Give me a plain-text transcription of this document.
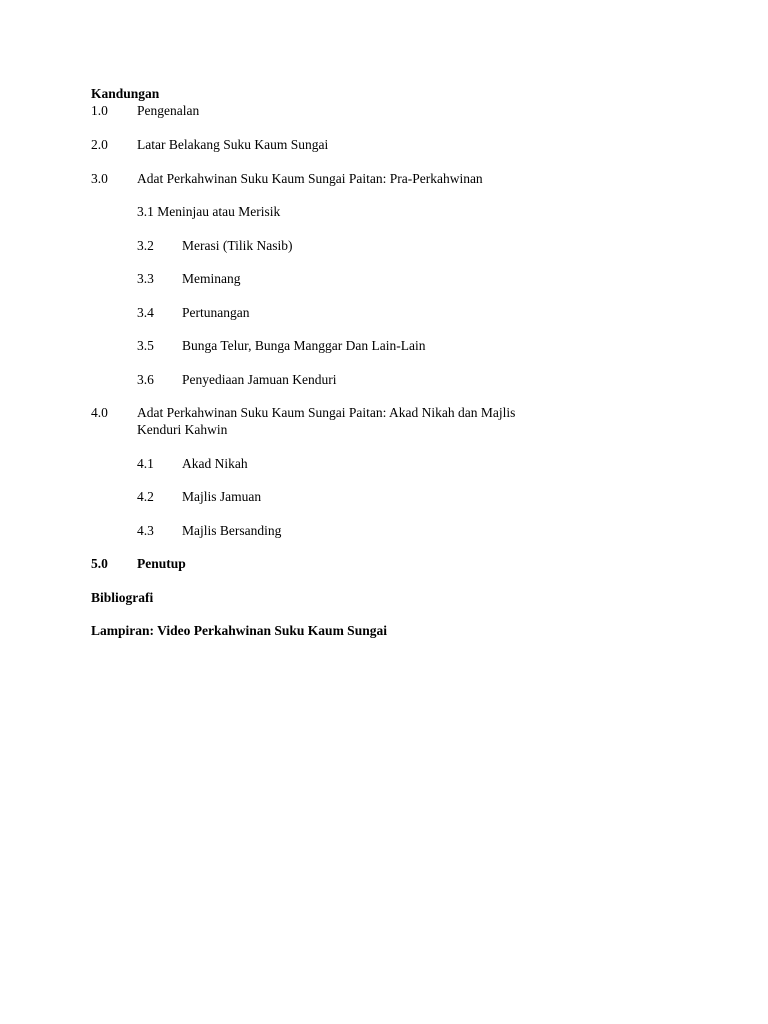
Kandungan
1.0 Pengenalan
2.0 Latar Belakang Suku Kaum Sungai
3.0 Adat Perkahwinan Suku Kaum Sungai Paitan: Pra-Perkahwinan
3.1 Meninjau atau Merisik
3.2 Merasi (Tilik Nasib)
3.3 Meminang
3.4 Pertunangan
3.5 Bunga Telur, Bunga Manggar Dan Lain-Lain
3.6 Penyediaan Jamuan Kenduri
4.0 Adat Perkahwinan Suku Kaum Sungai Paitan: Akad Nikah dan Majlis
Kenduri Kahwin
4.1 Akad Nikah
4.2 Majlis Jamuan
4.3 Majlis Bersanding
5.0 Penutup
Bibliografi
Lampiran: Video Perkahwinan Suku Kaum Sungai
